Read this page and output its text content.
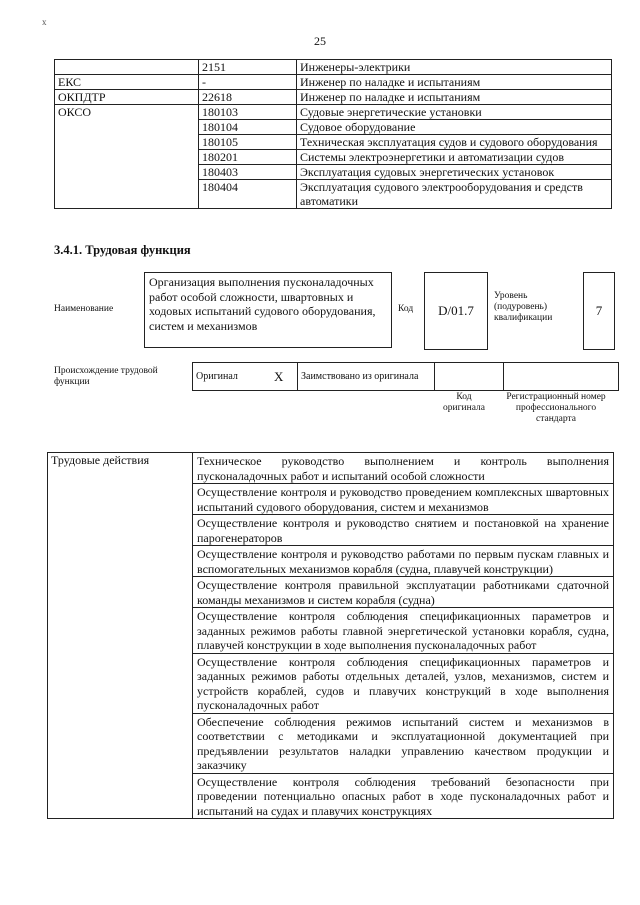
х
25
	2151	Инженеры-электрики
ЕКС	-	Инженер по наладке и испытаниям
ОКПДТР	22618	Инженер по наладке и испытаниям
ОКСО	180103	Судовые энергетические установки
	180104	Судовое оборудование
	180105	Техническая эксплуатация судов и судового оборудования
	180201	Системы электроэнергетики и автоматизации судов
	180403	Эксплуатация судовых энергетических установок
	180404	Эксплуатация судового электрооборудования и средств автоматики
3.4.1. Трудовая функция
Наименование
Организация выполнения пусконаладочных работ особой сложности, швартовных и ходовых испытаний судового оборудования, систем и механизмов
Код D/01.7
Уровень (подуровень) квалификации	7
Происхождение трудовой функции
Оригинал	X	Заимствовано из оригинала		
Код оригинала
Регистрационный номер профессионального стандарта
Трудовые действия	Техническое руководство выполнением и контроль выполнения пусконаладочных работ и испытаний особой сложности
Осуществление контроля и руководство проведением комплексных швартовных испытаний судового оборудования, систем и механизмов
Осуществление контроля и руководство снятием и постановкой на хранение парогенераторов
Осуществление контроля и руководство работами по первым пускам главных и вспомогательных механизмов корабля (судна, плавучей конструкции)
Осуществление контроля правильной эксплуатации работниками сдаточной команды механизмов и систем корабля (судна)
Осуществление контроля соблюдения спецификационных параметров и заданных режимов работы главной энергетической установки корабля, судна, плавучей конструкции в ходе выполнения пусконаладочных работ
Осуществление контроля соблюдения спецификационных параметров и заданных режимов работы отдельных деталей, узлов, механизмов, систем и устройств кораблей, судов и плавучих конструкций в ходе выполнения пусконаладочных работ
Обеспечение соблюдения режимов испытаний систем и механизмов в соответствии с методиками и эксплуатационной документацией при предъявлении результатов наладки управлению качеством продукции и заказчику
Осуществление контроля соблюдения требований безопасности при проведении потенциально опасных работ в ходе пусконаладочных работ и испытаний на судах и плавучих конструкциях
